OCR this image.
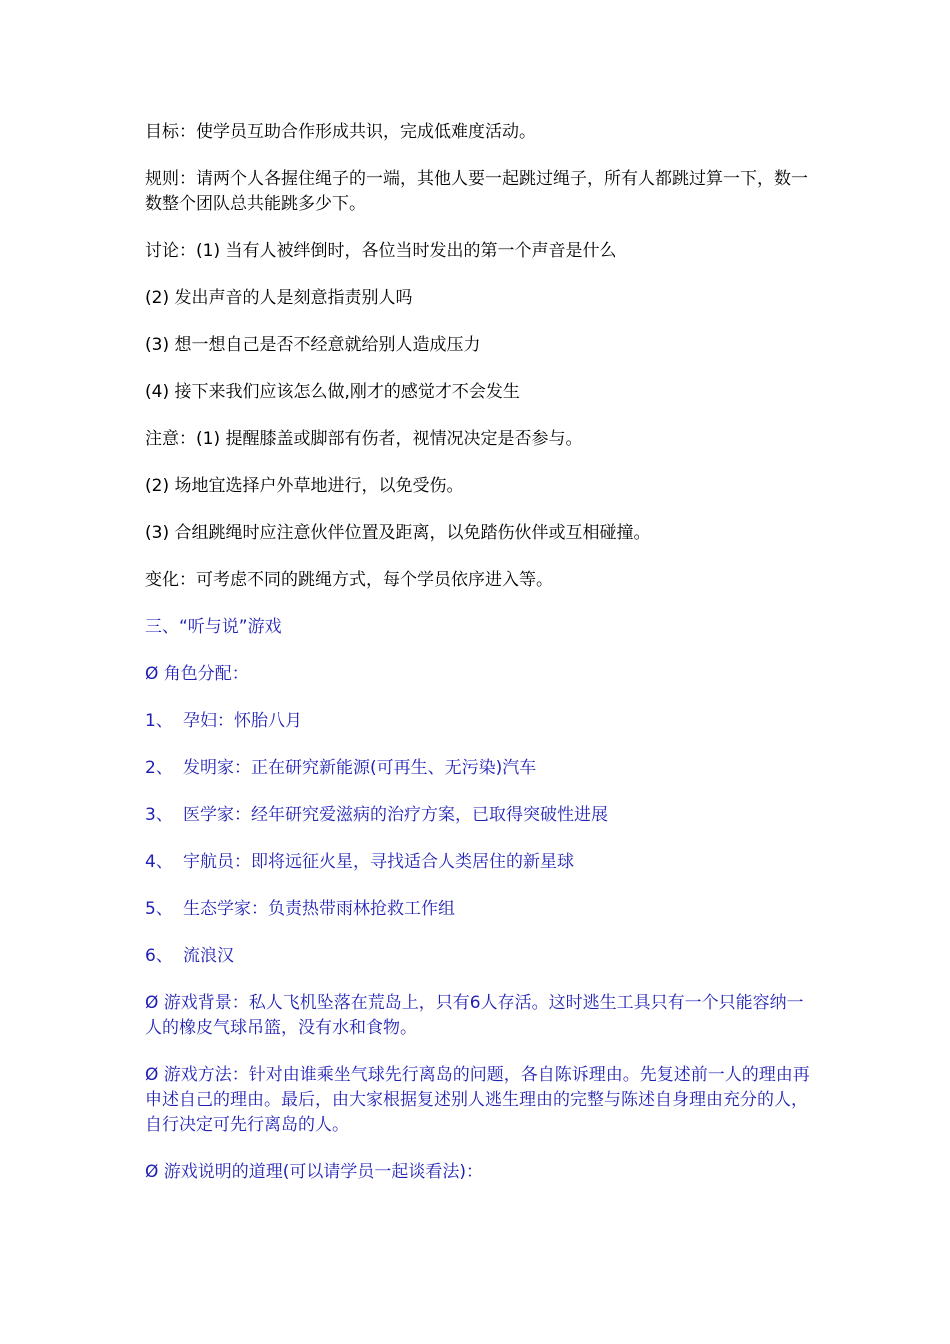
目标：使学员互助合作形成共识，完成低难度活动。

规则：请两个人各握住绳子的一端，其他人要一起跳过绳子，所有人都跳过算一下，数一数整个团队总共能跳多少下。

讨论：(1) 当有人被绊倒时，各位当时发出的第一个声音是什么

(2) 发出声音的人是刻意指责别人吗

(3) 想一想自己是否不经意就给别人造成压力

(4) 接下来我们应该怎么做,刚才的感觉才不会发生

注意：(1) 提醒膝盖或脚部有伤者，视情况决定是否参与。

(2) 场地宜选择户外草地进行，以免受伤。

(3) 合组跳绳时应注意伙伴位置及距离，以免踏伤伙伴或互相碰撞。

变化：可考虑不同的跳绳方式，每个学员依序进入等。

三、“听与说”游戏

Ø 角色分配：

1、 孕妇：怀胎八月

2、 发明家：正在研究新能源(可再生、无污染)汽车

3、 医学家：经年研究爱滋病的治疗方案，已取得突破性进展

4、 宇航员：即将远征火星，寻找适合人类居住的新星球

5、 生态学家：负责热带雨林抢救工作组

6、 流浪汉

Ø 游戏背景：私人飞机坠落在荒岛上，只有6人存活。这时逃生工具只有一个只能容纳一人的橡皮气球吊篮，没有水和食物。

Ø 游戏方法：针对由谁乘坐气球先行离岛的问题，各自陈诉理由。先复述前一人的理由再申述自己的理由。最后，由大家根据复述别人逃生理由的完整与陈述自身理由充分的人，自行决定可先行离岛的人。

Ø 游戏说明的道理(可以请学员一起谈看法)：
